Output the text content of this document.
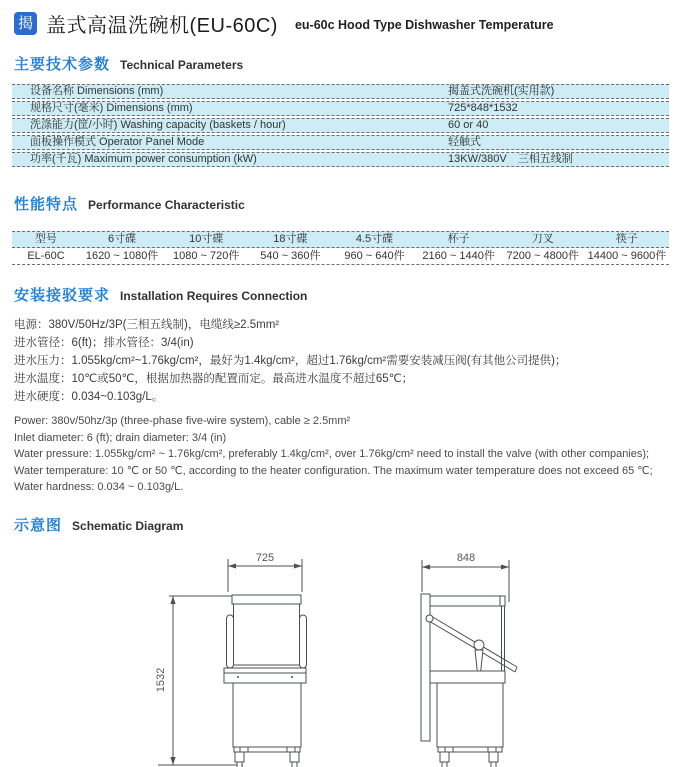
揭 盖式高温洗碗机(EU-60C) eu-60c Hood Type Dishwasher Temperature
主要技术参数 Technical Parameters
设备名称 Dimensions (mm)	揭盖式洗碗机(实用款)
规格尺寸(毫米) Dimensions (mm)	725*848*1532
洗涤能力(筐/小时) Washing capacity (baskets / hour)	60 or 40
面板操作模式 Operator Panel Mode	轻触式
功率(千瓦) Maximum power consumption (kW)	13KW/380V　三相五线制
性能特点 Performance Characteristic
型号	6寸碟	10寸碟	18寸碟	4.5寸碟	杯子	刀叉	筷子
EL-60C	1620 ~ 1080件	1080 ~ 720件	540 ~ 360件	960 ~ 640件	2160 ~ 1440件	7200 ~ 4800件 14400 ~ 9600件
安装接驳要求 Installation Requires Connection

电源：380V/50Hz/3P(三相五线制)，电缆线≥2.5mm²

进水管径：6(ft)；排水管径：3/4(in)

进水压力：1.055kg/cm²~1.76kg/cm²，最好为1.4kg/cm²，超过1.76kg/cm²需要安装减压阀(有其他公司提供)；

进水温度：10℃或50℃，根据加热器的配置而定。最高进水温度不超过65℃；

进水硬度：0.034~0.103g/L。

Power: 380v/50hz/3p (three-phase five-wire system), cable ≥ 2.5mm²

Inlet diameter: 6 (ft); drain diameter: 3/4 (in)

Water pressure: 1.055kg/cm² ~ 1.76kg/cm², preferably 1.4kg/cm², over 1.76kg/cm² need to install the valve (with other companies);

Water temperature: 10 ℃ or 50 ℃, according to the heater configuration. The maximum water temperature does not exceed 65 ℃;

Water hardness: 0.034 ~ 0.103g/L.

示意图 Schematic Diagram
725
1532
848
